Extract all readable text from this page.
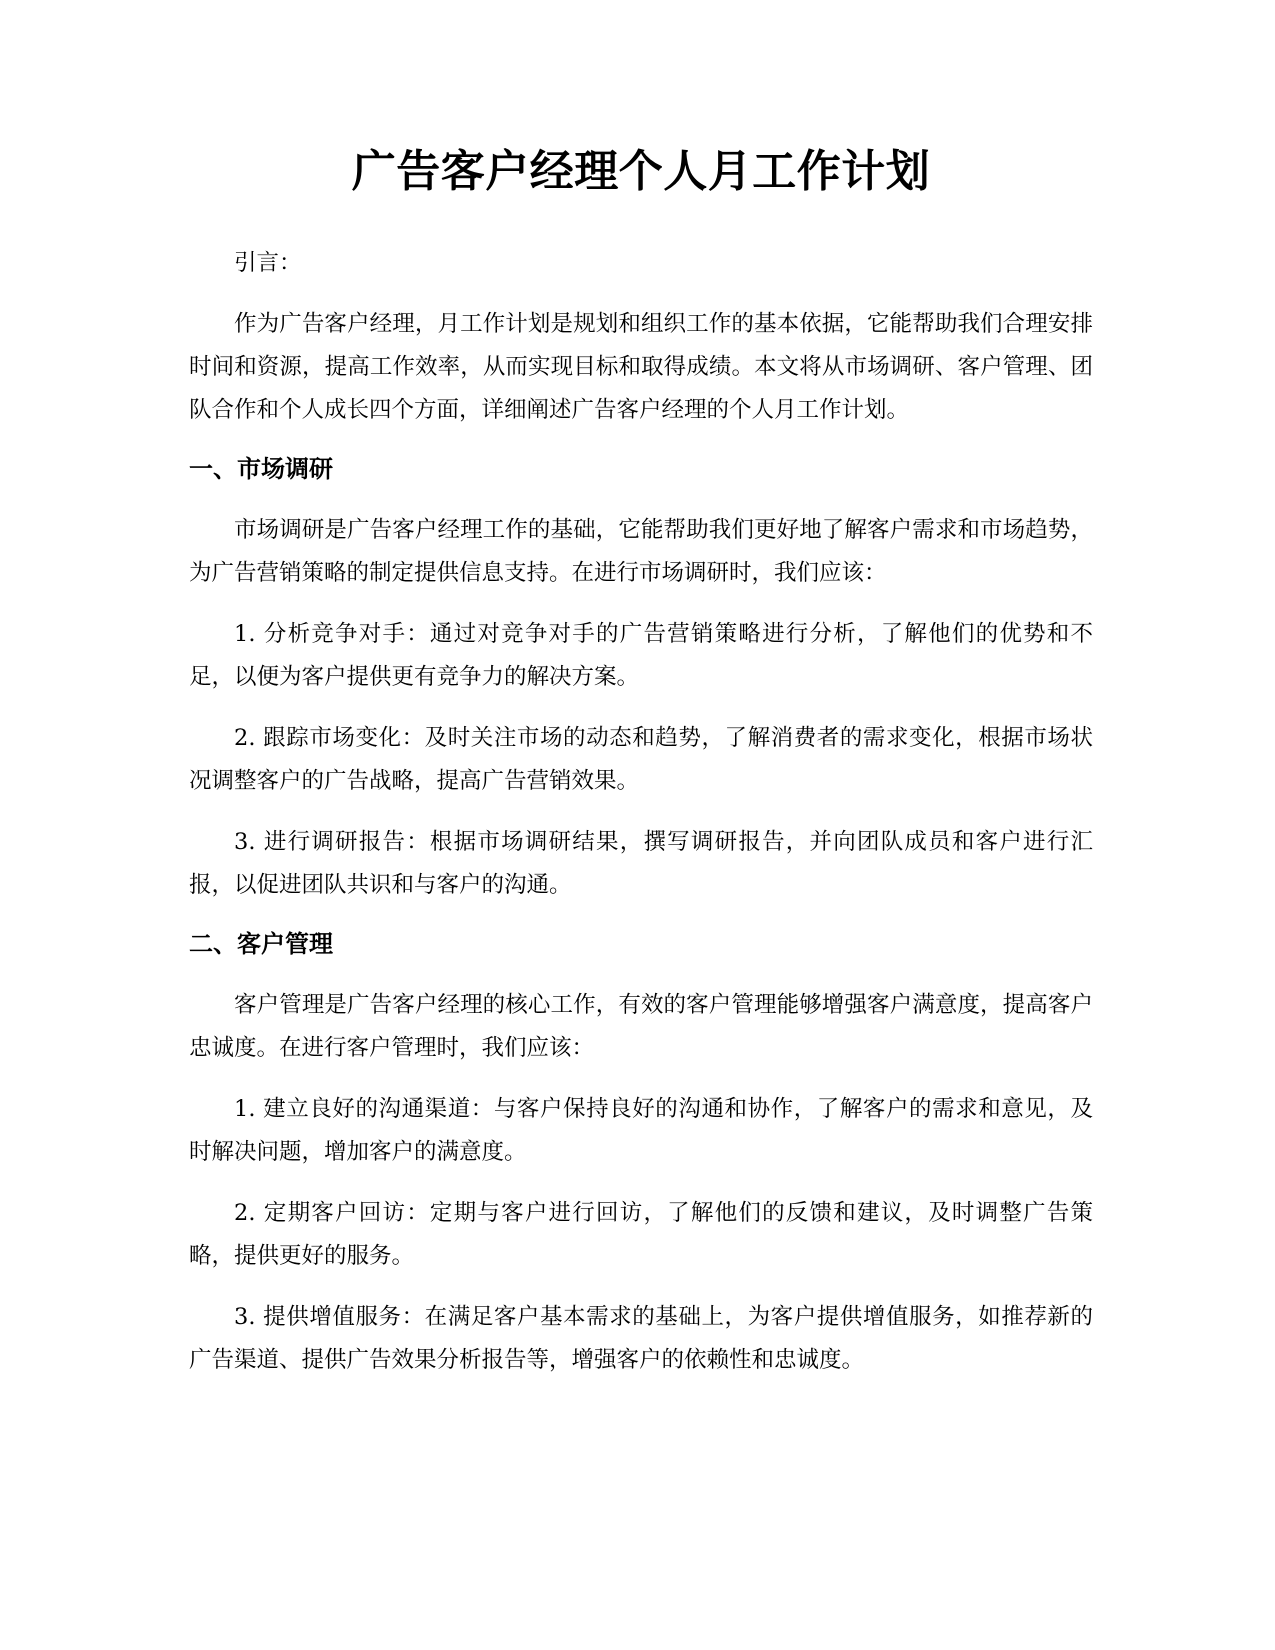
广告客户经理个人月工作计划

引言：

作为广告客户经理，月工作计划是规划和组织工作的基本依据，它能帮助我们合理安排时间和资源，提高工作效率，从而实现目标和取得成绩。本文将从市场调研、客户管理、团队合作和个人成长四个方面，详细阐述广告客户经理的个人月工作计划。

一、市场调研

市场调研是广告客户经理工作的基础，它能帮助我们更好地了解客户需求和市场趋势，为广告营销策略的制定提供信息支持。在进行市场调研时，我们应该：

1. 分析竞争对手：通过对竞争对手的广告营销策略进行分析，了解他们的优势和不足，以便为客户提供更有竞争力的解决方案。

2. 跟踪市场变化：及时关注市场的动态和趋势，了解消费者的需求变化，根据市场状况调整客户的广告战略，提高广告营销效果。

3. 进行调研报告：根据市场调研结果，撰写调研报告，并向团队成员和客户进行汇报，以促进团队共识和与客户的沟通。

二、客户管理

客户管理是广告客户经理的核心工作，有效的客户管理能够增强客户满意度，提高客户忠诚度。在进行客户管理时，我们应该：

1. 建立良好的沟通渠道：与客户保持良好的沟通和协作，了解客户的需求和意见，及时解决问题，增加客户的满意度。

2. 定期客户回访：定期与客户进行回访，了解他们的反馈和建议，及时调整广告策略，提供更好的服务。

3. 提供增值服务：在满足客户基本需求的基础上，为客户提供增值服务，如推荐新的广告渠道、提供广告效果分析报告等，增强客户的依赖性和忠诚度。
